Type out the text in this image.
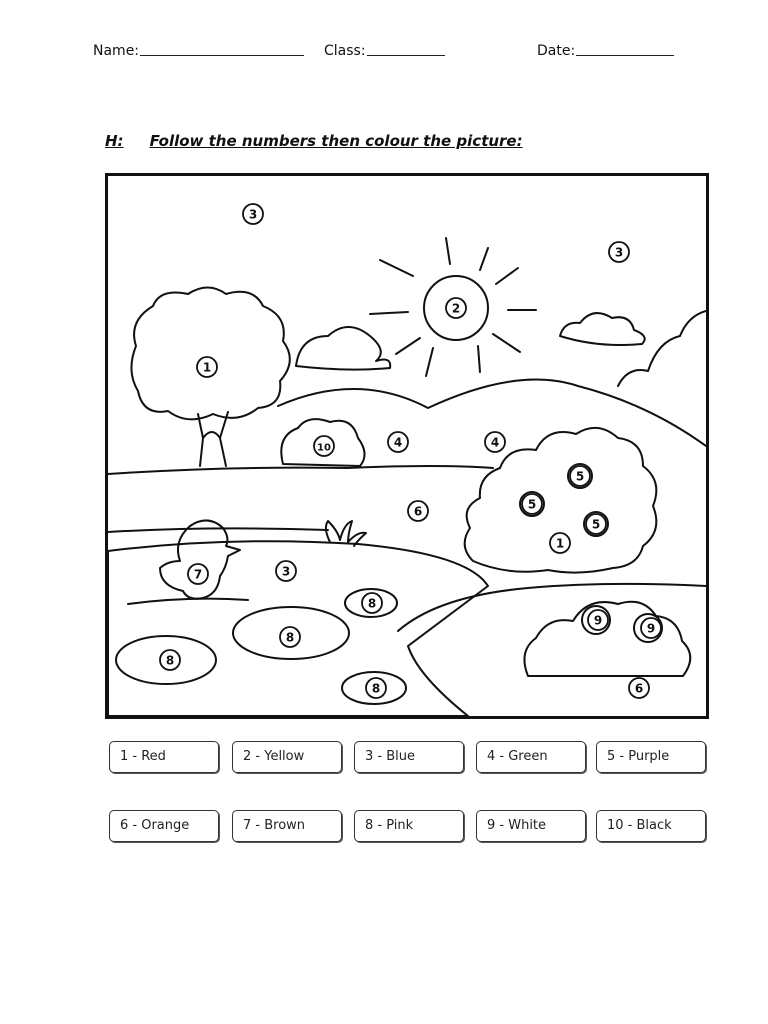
Name:	Class:	Date:
H: Follow the numbers then colour the picture:
3
3
2
1
10	4	4
5
5
5
1
6
7	3
8
8
8
8
9
9
6
1 - Red	2 - Yellow	3 - Blue	4 - Green	5 - Purple
6 - Orange	7 - Brown	8 - Pink	9 - White	10 - Black
